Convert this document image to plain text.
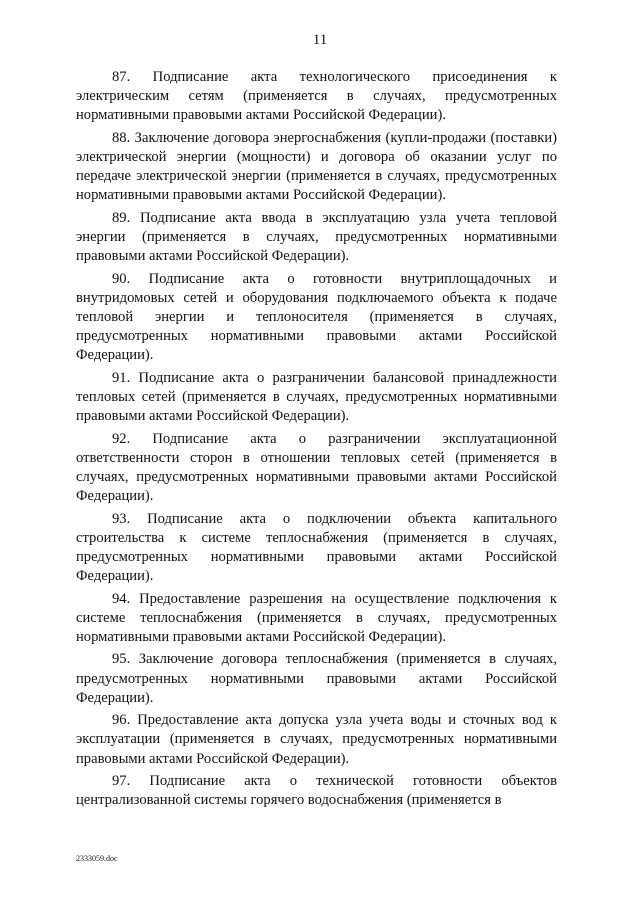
11

87. Подписание акта технологического присоединения к электрическим сетям (применяется в случаях, предусмотренных нормативными правовыми актами Российской Федерации).

88. Заключение договора энергоснабжения (купли-продажи (поставки) электрической энергии (мощности) и договора об оказании услуг по передаче электрической энергии (применяется в случаях, предусмотренных нормативными правовыми актами Российской Федерации).

89. Подписание акта ввода в эксплуатацию узла учета тепловой энергии (применяется в случаях, предусмотренных нормативными правовыми актами Российской Федерации).

90. Подписание акта о готовности внутриплощадочных и внутридомовых сетей и оборудования подключаемого объекта к подаче тепловой энергии и теплоносителя (применяется в случаях, предусмотренных нормативными правовыми актами Российской Федерации).

91. Подписание акта о разграничении балансовой принадлежности тепловых сетей (применяется в случаях, предусмотренных нормативными правовыми актами Российской Федерации).

92. Подписание акта о разграничении эксплуатационной ответственности сторон в отношении тепловых сетей (применяется в случаях, предусмотренных нормативными правовыми актами Российской Федерации).

93. Подписание акта о подключении объекта капитального строительства к системе теплоснабжения (применяется в случаях, предусмотренных нормативными правовыми актами Российской Федерации).

94. Предоставление разрешения на осуществление подключения к системе теплоснабжения (применяется в случаях, предусмотренных нормативными правовыми актами Российской Федерации).

95. Заключение договора теплоснабжения (применяется в случаях, предусмотренных нормативными правовыми актами Российской Федерации).

96. Предоставление акта допуска узла учета воды и сточных вод к эксплуатации (применяется в случаях, предусмотренных нормативными правовыми актами Российской Федерации).

97. Подписание акта о технической готовности объектов централизованной системы горячего водоснабжения (применяется в

2333059.doc
